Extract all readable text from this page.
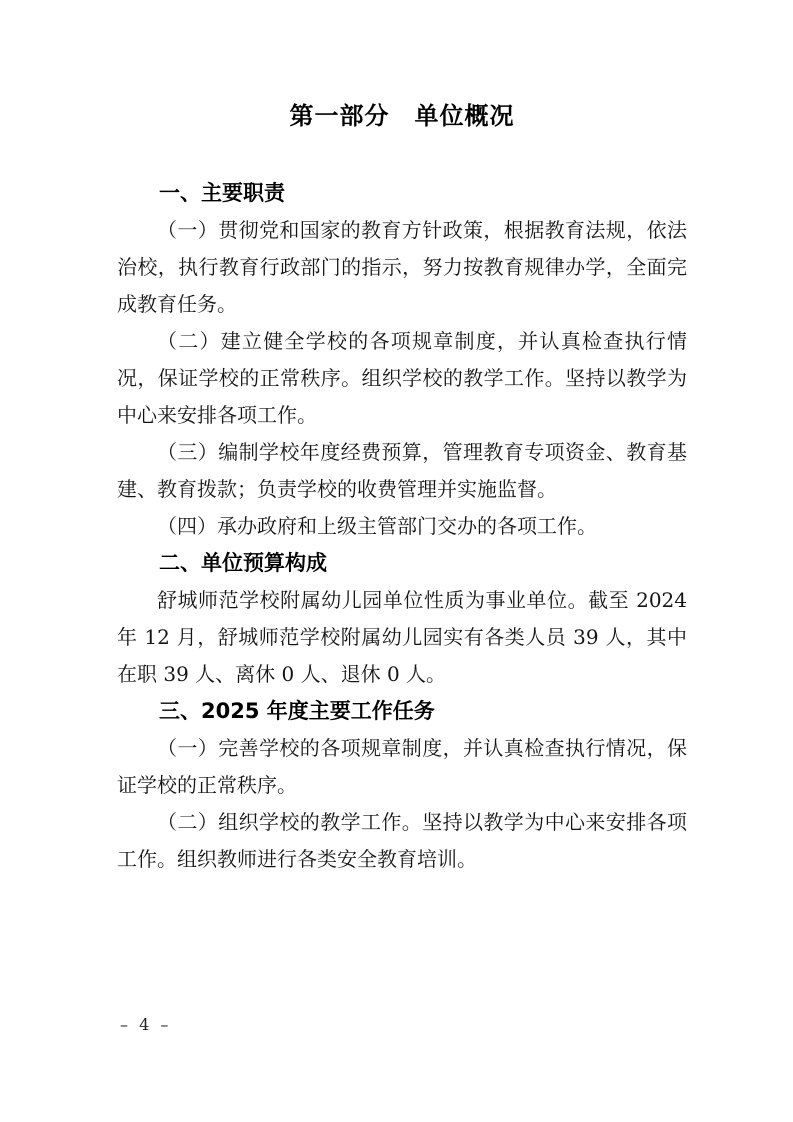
第一部分　单位概况
一、主要职责

（一）贯彻党和国家的教育方针政策，根据教育法规，依法治校，执行教育行政部门的指示，努力按教育规律办学，全面完成教育任务。

（二）建立健全学校的各项规章制度，并认真检查执行情况，保证学校的正常秩序。组织学校的教学工作。坚持以教学为中心来安排各项工作。

（三）编制学校年度经费预算，管理教育专项资金、教育基建、教育拨款；负责学校的收费管理并实施监督。

（四）承办政府和上级主管部门交办的各项工作。

二、单位预算构成

舒城师范学校附属幼儿园单位性质为事业单位。截至 2024 年 12 月，舒城师范学校附属幼儿园实有各类人员 39 人，其中在职 39 人、离休 0 人、退休 0 人。

三、2025 年度主要工作任务

（一）完善学校的各项规章制度，并认真检查执行情况，保证学校的正常秩序。

（二）组织学校的教学工作。坚持以教学为中心来安排各项工作。组织教师进行各类安全教育培训。

– 4 –
